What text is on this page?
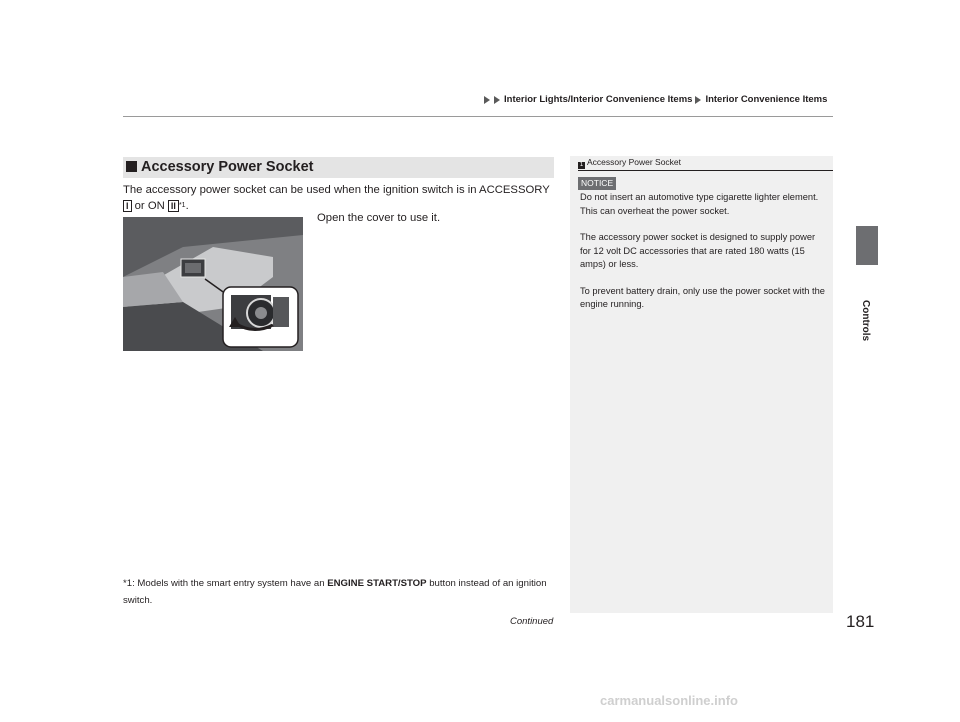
Interior Lights/Interior Convenience Items Interior Convenience Items
Controls
Accessory Power Socket
The accessory power socket can be used when the ignition switch is in ACCESSORY
I or ON II $^{*1}$.
Open the cover to use it.
*1: Models with the smart entry system have an ENGINE START/STOP button instead of an ignition switch.
Continued	181
1 Accessory Power Socket
NOTICE

Do not insert an automotive type cigarette lighter element.
This can overheat the power socket.

The accessory power socket is designed to supply power for 12 volt DC accessories that are rated 180 watts (15 amps) or less.

To prevent battery drain, only use the power socket with the engine running.

carmanualsonline.info
